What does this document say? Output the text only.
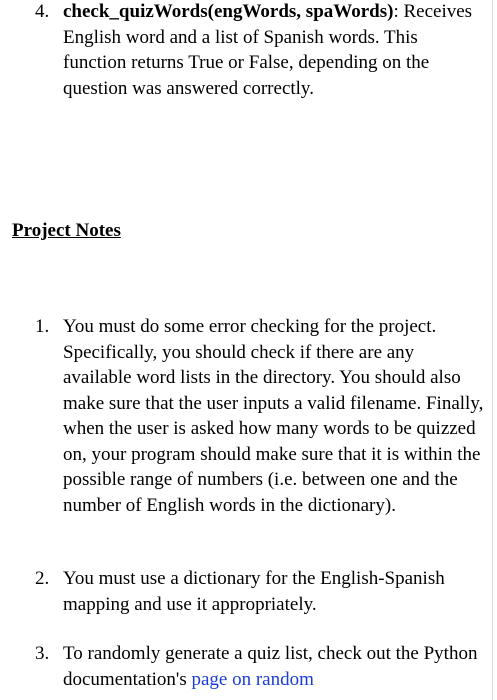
4. check_quizWords(engWords, spaWords): Receives English word and a list of Spanish words. This function returns True or False, depending on the question was answered correctly.
Project Notes
1. You must do some error checking for the project. Specifically, you should check if there are any available word lists in the directory. You should also make sure that the user inputs a valid filename. Finally, when the user is asked how many words to be quizzed on, your program should make sure that it is within the possible range of numbers (i.e. between one and the number of English words in the dictionary).
2. You must use a dictionary for the English-Spanish mapping and use it appropriately.
3. To randomly generate a quiz list, check out the Python documentation's page on random
